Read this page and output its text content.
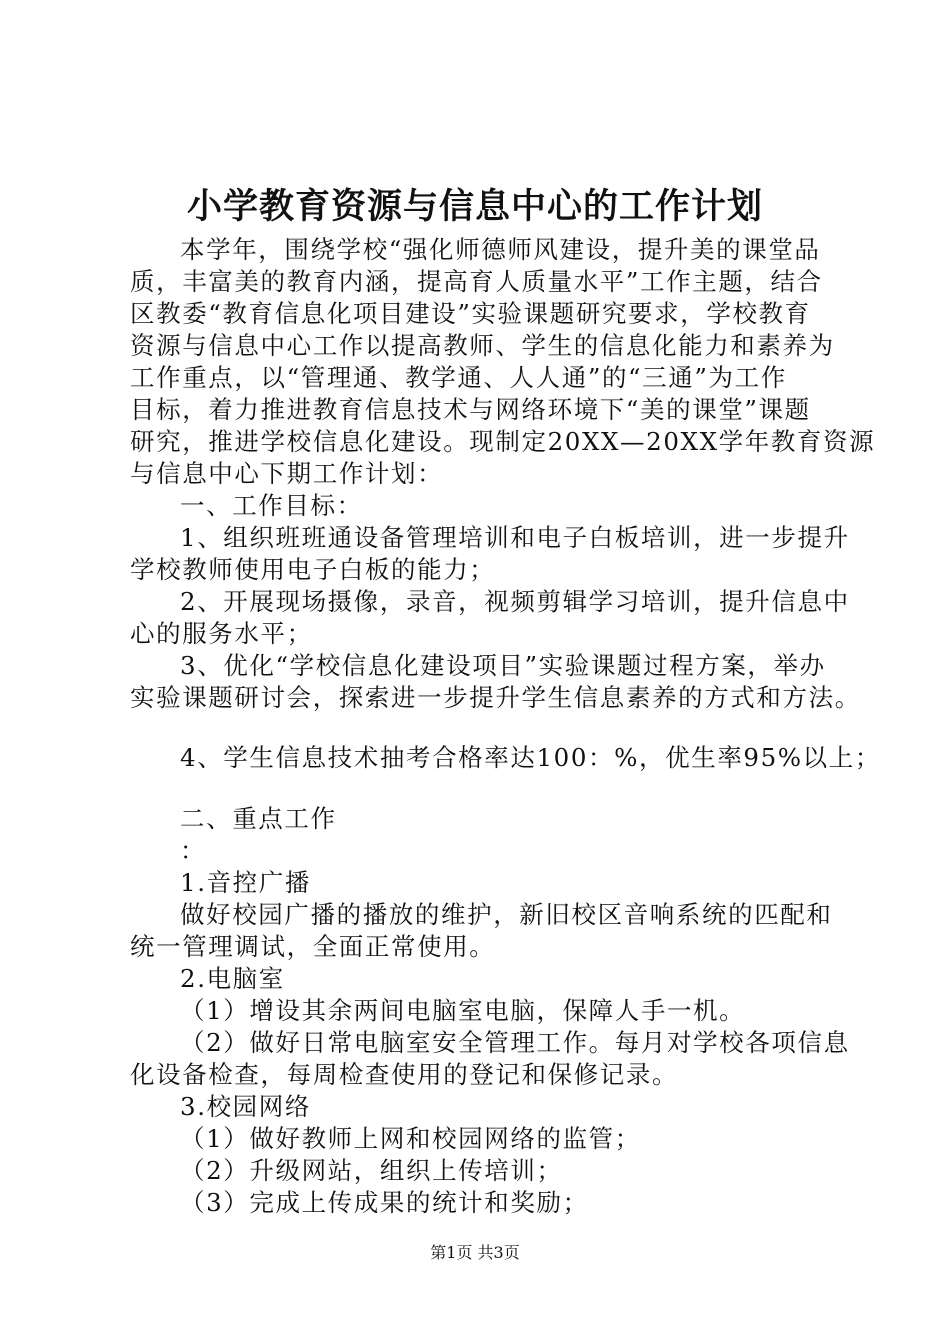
小学教育资源与信息中心的工作计划
本学年，围绕学校“强化师德师风建设，提升美的课堂品
质，丰富美的教育内涵，提高育人质量水平”工作主题，结合
区教委“教育信息化项目建设”实验课题研究要求，学校教育
资源与信息中心工作以提高教师、学生的信息化能力和素养为
工作重点，以“管理通、教学通、人人通”的“三通”为工作
目标，着力推进教育信息技术与网络环境下“美的课堂”课题
研究，推进学校信息化建设。现制定20XX—20XX学年教育资源
与信息中心下期工作计划：
一、工作目标：
1、组织班班通设备管理培训和电子白板培训，进一步提升
学校教师使用电子白板的能力；
2、开展现场摄像，录音，视频剪辑学习培训，提升信息中
心的服务水平；
3、优化“学校信息化建设项目”实验课题过程方案，举办
实验课题研讨会，探索进一步提升学生信息素养的方式和方法。
4、学生信息技术抽考合格率达100：%，优生率95%以上；
二、重点工作
：
1.音控广播
做好校园广播的播放的维护，新旧校区音响系统的匹配和
统一管理调试，全面正常使用。
2.电脑室
（1）增设其余两间电脑室电脑，保障人手一机。
（2）做好日常电脑室安全管理工作。每月对学校各项信息
化设备检查，每周检查使用的登记和保修记录。
3.校园网络
（1）做好教师上网和校园网络的监管；
（2）升级网站，组织上传培训；
（3）完成上传成果的统计和奖励；
第1页 共3页
